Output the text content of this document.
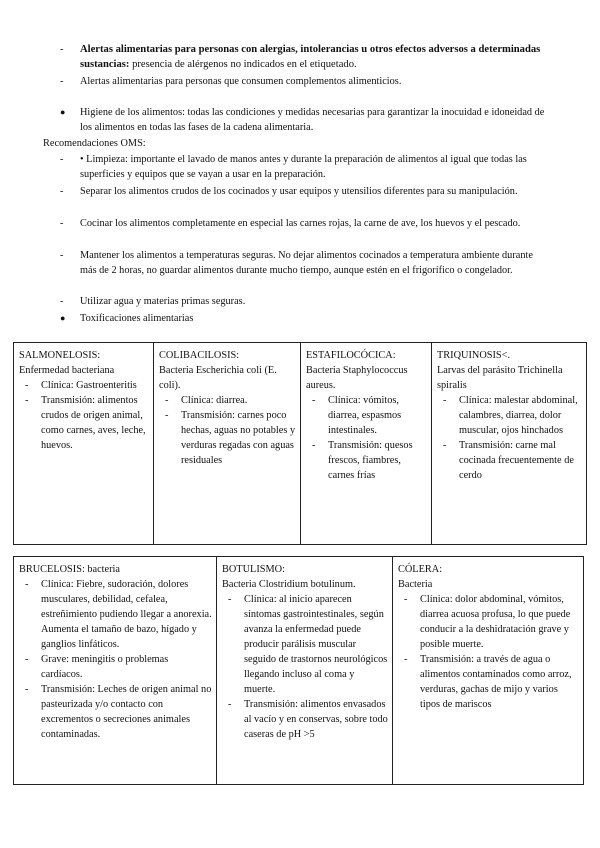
- Alertas alimentarias para personas con alergias, intolerancias u otros efectos adversos a determinadas sustancias: presencia de alérgenos no indicados en el etiquetado.
- Alertas alimentarias para personas que consumen complementos alimenticios.
● Higiene de los alimentos: todas las condiciones y medidas necesarias para garantizar la inocuidad e idoneidad de los alimentos en todas las fases de la cadena alimentaria.
Recomendaciones OMS:
- • Limpieza: importante el lavado de manos antes y durante la preparación de alimentos al igual que todas las superficies y equipos que se vayan a usar en la preparación.
- Separar los alimentos crudos de los cocinados y usar equipos y utensilios diferentes para su manipulación.
- Cocinar los alimentos completamente en especial las carnes rojas, la carne de ave, los huevos y el pescado.
- Mantener los alimentos a temperaturas seguras. No dejar alimentos cocinados a temperatura ambiente durante más de 2 horas, no guardar alimentos durante mucho tiempo, aunque estén en el frigorífico o congelador.
- Utilizar agua y materias primas seguras.
● Toxificaciones alimentarias
SALMONELOSIS:
Enfermedad bacteriana
- Clínica: Gastroenteritis
- Transmisión: alimentos crudos de origen animal, como carnes, aves, leche, huevos.

COLIBACILOSIS:
Bacteria Escherichia coli (E. coli).
- Clínica: diarrea.
- Transmisión: carnes poco hechas, aguas no potables y verduras regadas con aguas residuales

ESTAFILOCÓCICA:
Bacteria Staphylococcus aureus.
- Clínica: vómitos, diarrea, espasmos intestinales.
- Transmisión: quesos frescos, fiambres, carnes frías

TRIQUINOSIS<.
Larvas del parásito Trichinella spiralis
- Clínica: malestar abdominal, calambres, diarrea, dolor muscular, ojos hinchados
- Transmisión: carne mal cocinada frecuentemente de cerdo
BRUCELOSIS: bacteria
- Clínica: Fiebre, sudoración, dolores musculares, debilidad, cefalea, estreñimiento pudiendo llegar a anorexia. Aumenta el tamaño de bazo, hígado y ganglios linfáticos.
- Grave: meningitis o problemas cardíacos.
- Transmisión: Leches de origen animal no pasteurizada y/o contacto con excrementos o secreciones animales contaminadas.

BOTULISMO:
Bacteria Clostridium botulinum.
- Clínica: al inicio aparecen síntomas gastrointestinales, según avanza la enfermedad puede producir parálisis muscular seguido de trastornos neurológicos llegando incluso al coma y muerte.
- Transmisión: alimentos envasados al vacío y en conservas, sobre todo caseras de pH >5

CÓLERA:
Bacteria
- Clínica: dolor abdominal, vómitos, diarrea acuosa profusa, lo que puede conducir a la deshidratación grave y posible muerte.
- Transmisión: a través de agua o alimentos contaminados como arroz, verduras, gachas de mijo y varios tipos de mariscos
